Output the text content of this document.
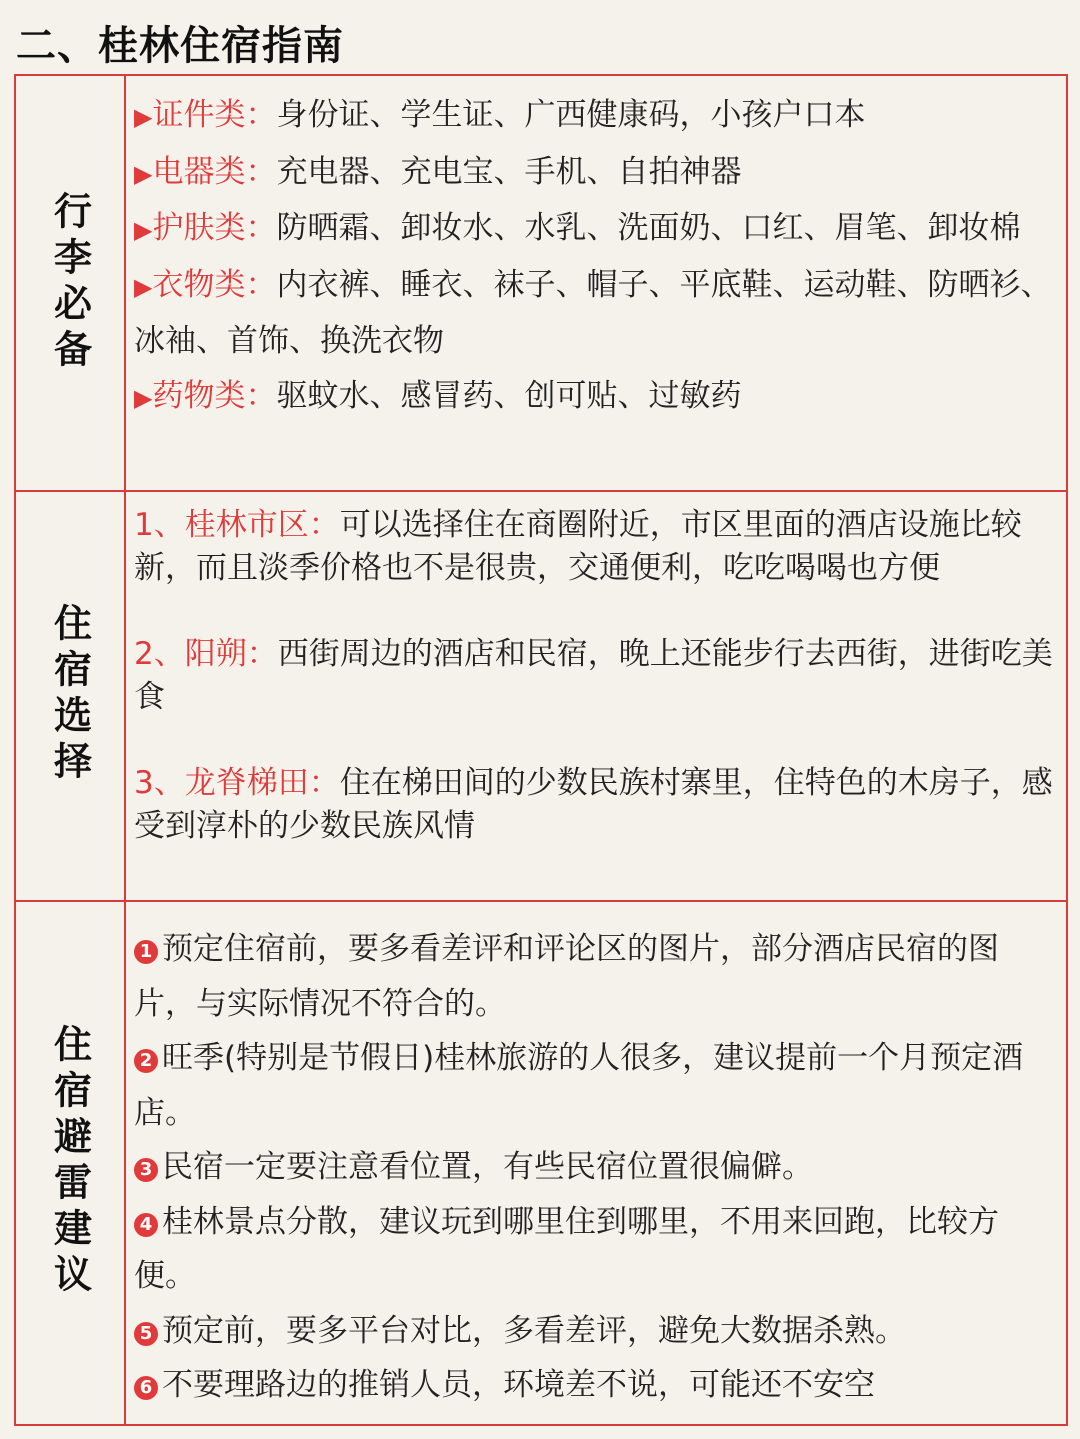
二、桂林住宿指南
行李必备

▶证件类：身份证、学生证、广西健康码，小孩户口本

▶电器类：充电器、充电宝、手机、自拍神器

▶护肤类：防晒霜、卸妆水、水乳、洗面奶、口红、眉笔、卸妆棉

▶衣物类：内衣裤、睡衣、袜子、帽子、平底鞋、运动鞋、防晒衫、冰袖、首饰、换洗衣物

▶药物类：驱蚊水、感冒药、创可贴、过敏药

住宿选择

1、桂林市区：可以选择住在商圈附近，市区里面的酒店设施比较新，而且淡季价格也不是很贵，交通便利，吃吃喝喝也方便

2、阳朔：西街周边的酒店和民宿，晚上还能步行去西街，进街吃美食

3、龙脊梯田：住在梯田间的少数民族村寨里，住特色的木房子，感受到淳朴的少数民族风情

住宿避雷建议

1 预定住宿前，要多看差评和评论区的图片，部分酒店民宿的图片，与实际情况不符合的。

2 旺季(特别是节假日)桂林旅游的人很多，建议提前一个月预定酒店。

3 民宿一定要注意看位置，有些民宿位置很偏僻。

4 桂林景点分散，建议玩到哪里住到哪里，不用来回跑，比较方便。

5 预定前，要多平台对比，多看差评，避免大数据杀熟。

6 不要理路边的推销人员，环境差不说，可能还不安空
